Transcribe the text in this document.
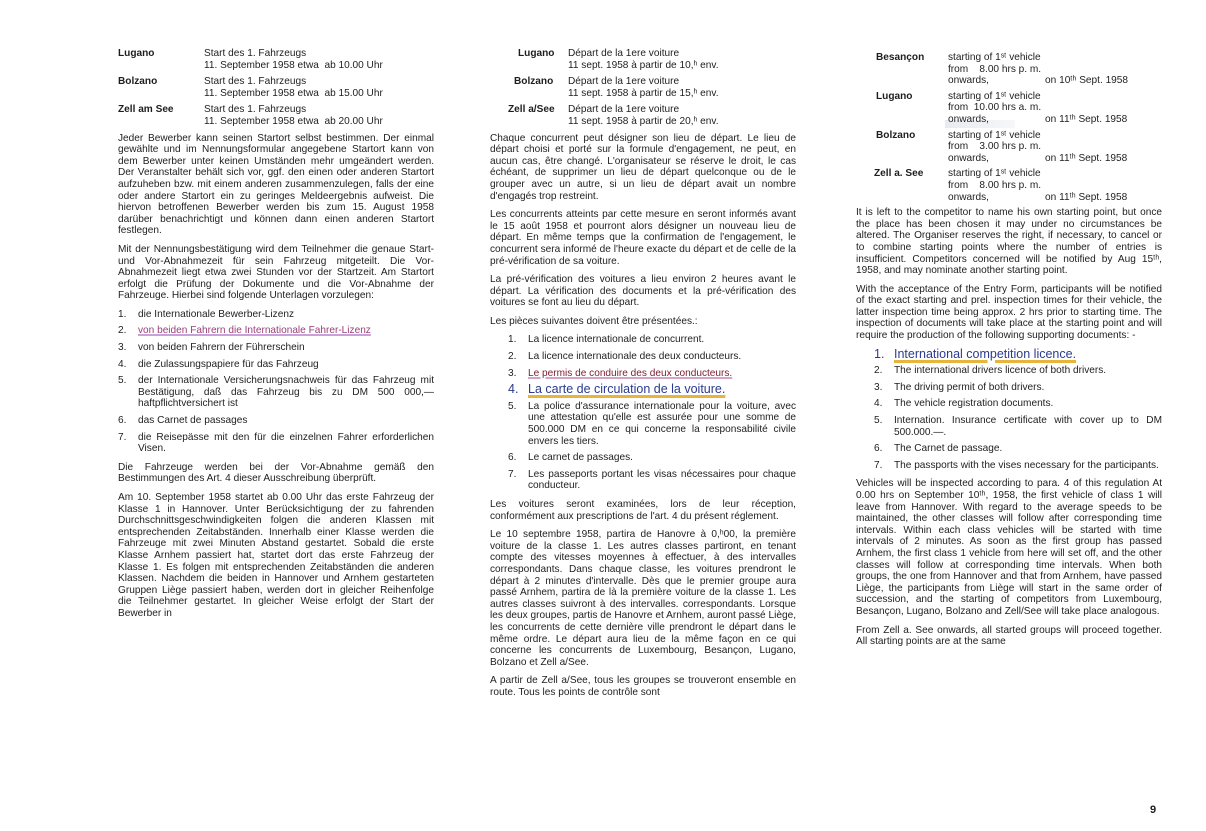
Lugano	Start des 1. Fahrzeugs
11. September 1958 etwa  ab 10.00 Uhr
Bolzano	Start des 1. Fahrzeugs
11. September 1958 etwa  ab 15.00 Uhr
Zell am See	Start des 1. Fahrzeugs
11. September 1958 etwa  ab 20.00 Uhr

Jeder Bewerber kann seinen Startort selbst bestimmen. Der einmal gewählte und im Nennungsformular angegebene Startort kann von dem Bewerber unter keinen Umständen mehr umgeändert werden. Der Veranstalter behält sich vor, ggf. den einen oder anderen Startort aufzuheben bzw. mit einem anderen zusammenzulegen, falls der eine oder andere Startort ein zu geringes Meldeergebnis aufweist. Die hiervon betroffenen Bewerber werden bis zum 15. August 1958 darüber benachrichtigt und können dann einen anderen Startort festlegen.

Mit der Nennungsbestätigung wird dem Teilnehmer die genaue Start- und Vor-Abnahmezeit für sein Fahrzeug mitgeteilt. Die Vor-Abnahmezeit liegt etwa zwei Stunden vor der Startzeit. Am Startort erfolgt die Prüfung der Dokumente und die Vor-Abnahme der Fahrzeuge. Hierbei sind folgende Unterlagen vorzulegen:

1.	die Internationale Bewerber-Lizenz
2.	von beiden Fahrern die Internationale Fahrer-Lizenz
3.	von beiden Fahrern der Führerschein
4.	die Zulassungspapiere für das Fahrzeug
5.	der Internationale Versicherungsnachweis für das Fahrzeug mit Bestätigung, daß das Fahrzeug bis zu DM 500 000,— haftpflichtversichert ist
6.	das Carnet de passages
7.	die Reisepässe mit den für die einzelnen Fahrer erforderlichen Visen.

Die Fahrzeuge werden bei der Vor-Abnahme gemäß den Bestimmungen des Art. 4 dieser Ausschreibung überprüft.

Am 10. September 1958 startet ab 0.00 Uhr das erste Fahrzeug der Klasse 1 in Hannover. Unter Berücksichtigung der zu fahrenden Durchschnittsgeschwindigkeiten folgen die anderen Klassen mit entsprechenden Zeitabständen. Innerhalb einer Klasse werden die Fahrzeuge mit zwei Minuten Abstand gestartet. Sobald die erste Klasse Arnhem passiert hat, startet dort das erste Fahrzeug der Klasse 1. Es folgen mit entsprechenden Zeitabständen die anderen Klassen. Nachdem die beiden in Hannover und Arnhem gestarteten Gruppen Liège passiert haben, werden dort in gleicher Reihenfolge die Teilnehmer gestartet. In gleicher Weise erfolgt der Start der Bewerber in

Lugano	Départ de la 1ere voiture
11 sept. 1958 à partir de 10,ʰ env.
Bolzano	Départ de la 1ere voiture
11 sept. 1958 à partir de 15,ʰ env.
Zell a/See	Départ de la 1ere voiture
11 sept. 1958 à partir de 20,ʰ env.

Chaque concurrent peut désigner son lieu de départ. Le lieu de départ choisi et porté sur la formule d'engagement, ne peut, en aucun cas, être changé. L'organisateur se réserve le droit, le cas échéant, de supprimer un lieu de départ quelconque ou de le grouper avec un autre, si un lieu de départ avait un nombre d'engagés trop restreint.

Les concurrents atteints par cette mesure en seront informés avant le 15 août 1958 et pourront alors désigner un nouveau lieu de départ. En même temps que la confirmation de l'engagement, le concurrent sera informé de l'heure exacte du départ et de celle de la pré-vérification de sa voiture.

La pré-vérification des voitures a lieu environ 2 heures avant le départ. La vérification des documents et la pré-vérification des voitures se font au lieu du départ.

Les pièces suivantes doivent être présentées.:

1.	La licence internationale de concurrent.
2.	La licence internationale des deux conducteurs.
3.	Le permis de conduire des deux conducteurs.
4. La carte de circulation de la voiture.
5.	La police d'assurance internationale pour la voiture, avec une attestation qu'elle est assurée pour une somme de 500.000 DM en ce qui concerne la responsabilité civile envers les tiers.
6.	Le carnet de passages.
7.	Les passeports portant les visas nécessaires pour chaque conducteur.

Les voitures seront examinées, lors de leur réception, conformément aux prescriptions de l'art. 4 du présent réglement.

Le 10 septembre 1958, partira de Hanovre à 0,ʰ00, la première voiture de la classe 1. Les autres classes partiront, en tenant compte des vitesses moyennes à effectuer, à des intervalles correspondants. Dans chaque classe, les voitures prendront le départ à 2 minutes d'intervalle. Dès que le premier groupe aura passé Arnhem, partira de là la première voiture de la classe 1. Les autres classes suivront à des intervalles. correspondants. Lorsque les deux groupes, partis de Hanovre et Arnhem, auront passé Liège, les concurrents de cette dernière ville prendront le départ dans le même ordre. Le départ aura lieu de la même façon en ce qui concerne les concurrents de Luxembourg, Besançon, Lugano, Bolzano et Zell a/See.

A partir de Zell a/See, tous les groupes se trouveront ensemble en route. Tous les points de contrôle sont

Besançon	starting of 1ˢᵗ vehicle
from    8.00 hrs p. m.
onwards,                    on 10ᵗʰ Sept. 1958
Lugano	starting of 1ˢᵗ vehicle
from  10.00 hrs a. m.
onwards,                    on 11ᵗʰ Sept. 1958
Bolzano	starting of 1ˢᵗ vehicle
from    3.00 hrs p. m.
onwards,                    on 11ᵗʰ Sept. 1958
Zell a. See	starting of 1ˢᵗ vehicle
from    8.00 hrs p. m.
onwards,                    on 11ᵗʰ Sept. 1958

It is left to the competitor to name his own starting point, but once the place has been chosen it may under no circumstances be altered. The Organiser reserves the right, if necessary, to cancel or to combine starting points where the number of entries is insufficient. Competitors concerned will be notified by Aug 15ᵗʰ, 1958, and may nominate another starting point.

With the acceptance of the Entry Form, participants will be notified of the exact starting and prel. inspection times for their vehicle, the latter inspection time being approx. 2 hrs prior to starting time. The inspection of documents will take place at the starting point and will require the production of the following supporting documents: -

1. International competition licence.
2.	The international drivers licence of both drivers.
3.	The driving permit of both drivers.
4.	The vehicle registration documents.
5.	Internation. Insurance certificate with cover up to DM 500.000.—.
6.	The Carnet de passage.
7.	The passports with the vises necessary for the participants.

Vehicles will be inspected according to para. 4 of this regulation At 0.00 hrs on September 10ᵗʰ, 1958, the first vehicle of class 1 will leave from Hannover. With regard to the average speeds to be maintained, the other classes will follow after corresponding time intervals. Within each class vehicles will be started with time intervals of 2 minutes. As soon as the first group has passed Arnhem, the first class 1 vehicle from here will set off, and the other classes will follow at corresponding time intervals. When both groups, the one from Hannover and that from Arnhem, have passed Liège, the participants from Liège will start in the same order of succession, and the starting of competitors from Luxembourg, Besançon, Lugano, Bolzano and Zell/See will take place analogous.

From Zell a. See onwards, all started groups will proceed together. All starting points are at the same

9
